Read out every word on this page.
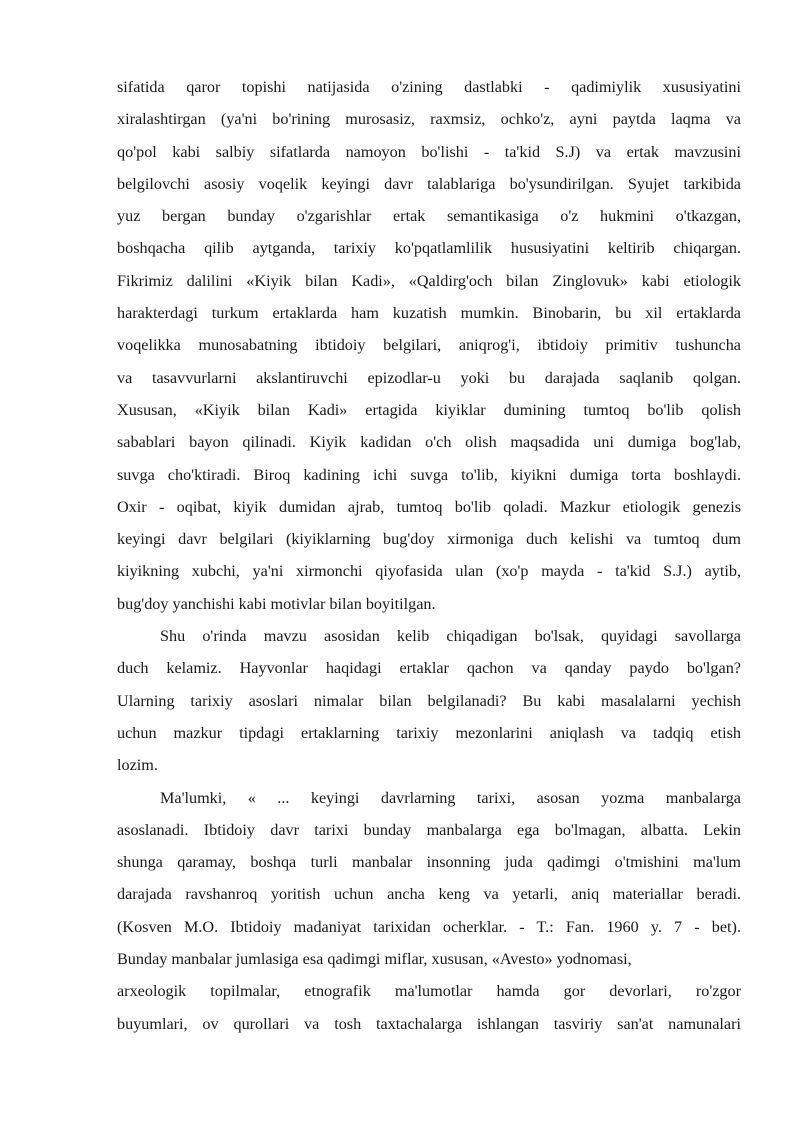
sifatida qaror topishi natijasida o'zining dastlabki - qadimiylik xususiyatini
xiralashtirgan (ya'ni bo'rining murosasiz, raxmsiz, ochko'z, ayni paytda laqma va
qo'pol kabi salbiy sifatlarda namoyon bo'lishi - ta'kid S.J) va ertak mavzusini
belgilovchi asosiy voqelik keyingi davr talablariga bo'ysundirilgan. Syujet tarkibida
yuz bergan bunday o'zgarishlar ertak semantikasiga o'z hukmini o'tkazgan,
boshqacha qilib aytganda, tarixiy ko'pqatlamlilik hususiyatini keltirib chiqargan.
Fikrimiz dalilini «Kiyik bilan Kadi», «Qaldirg'och bilan Zinglovuk» kabi etiologik
harakterdagi turkum ertaklarda ham kuzatish mumkin. Binobarin, bu xil ertaklarda
voqelikka munosabatning ibtidoiy belgilari, aniqrog'i, ibtidoiy primitiv tushuncha
va tasavvurlarni akslantiruvchi epizodlar-u yoki bu darajada saqlanib qolgan.
Xususan, «Kiyik bilan Kadi» ertagida kiyiklar dumining tumtoq bo'lib qolish
sabablari bayon qilinadi. Kiyik kadidan o'ch olish maqsadida uni dumiga bog'lab,
suvga cho'ktiradi. Biroq kadining ichi suvga to'lib, kiyikni dumiga torta boshlaydi.
Oxir - oqibat, kiyik dumidan ajrab, tumtoq bo'lib qoladi. Mazkur etiologik genezis
keyingi davr belgilari (kiyiklarning bug'doy xirmoniga duch kelishi va tumtoq dum
kiyikning xubchi, ya'ni xirmonchi qiyofasida ulan (xo'p mayda - ta'kid S.J.) aytib,
bug'doy yanchishi kabi motivlar bilan boyitilgan.
Shu o'rinda mavzu asosidan kelib chiqadigan bo'lsak, quyidagi savollarga
duch kelamiz. Hayvonlar haqidagi ertaklar qachon va qanday paydo bo'lgan?
Ularning tarixiy asoslari nimalar bilan belgilanadi? Bu kabi masalalarni yechish
uchun mazkur tipdagi ertaklarning tarixiy mezonlarini aniqlash va tadqiq etish
lozim.
Ma'lumki, « ... keyingi davrlarning tarixi, asosan yozma manbalarga
asoslanadi. Ibtidoiy davr tarixi bunday manbalarga ega bo'lmagan, albatta. Lekin
shunga qaramay, boshqa turli manbalar insonning juda qadimgi o'tmishini ma'lum
darajada ravshanroq yoritish uchun ancha keng va yetarli, aniq materiallar beradi.
(Kosven M.O. Ibtidoiy madaniyat tarixidan ocherklar. - T.: Fan. 1960 y. 7 - bet).
Bunday manbalar jumlasiga esa qadimgi miflar, xususan, «Avesto» yodnomasi,
arxeologik topilmalar, etnografik ma'lumotlar hamda gor devorlari, ro'zgor
buyumlari, ov qurollari va tosh taxtachalarga ishlangan tasviriy san'at namunalari
